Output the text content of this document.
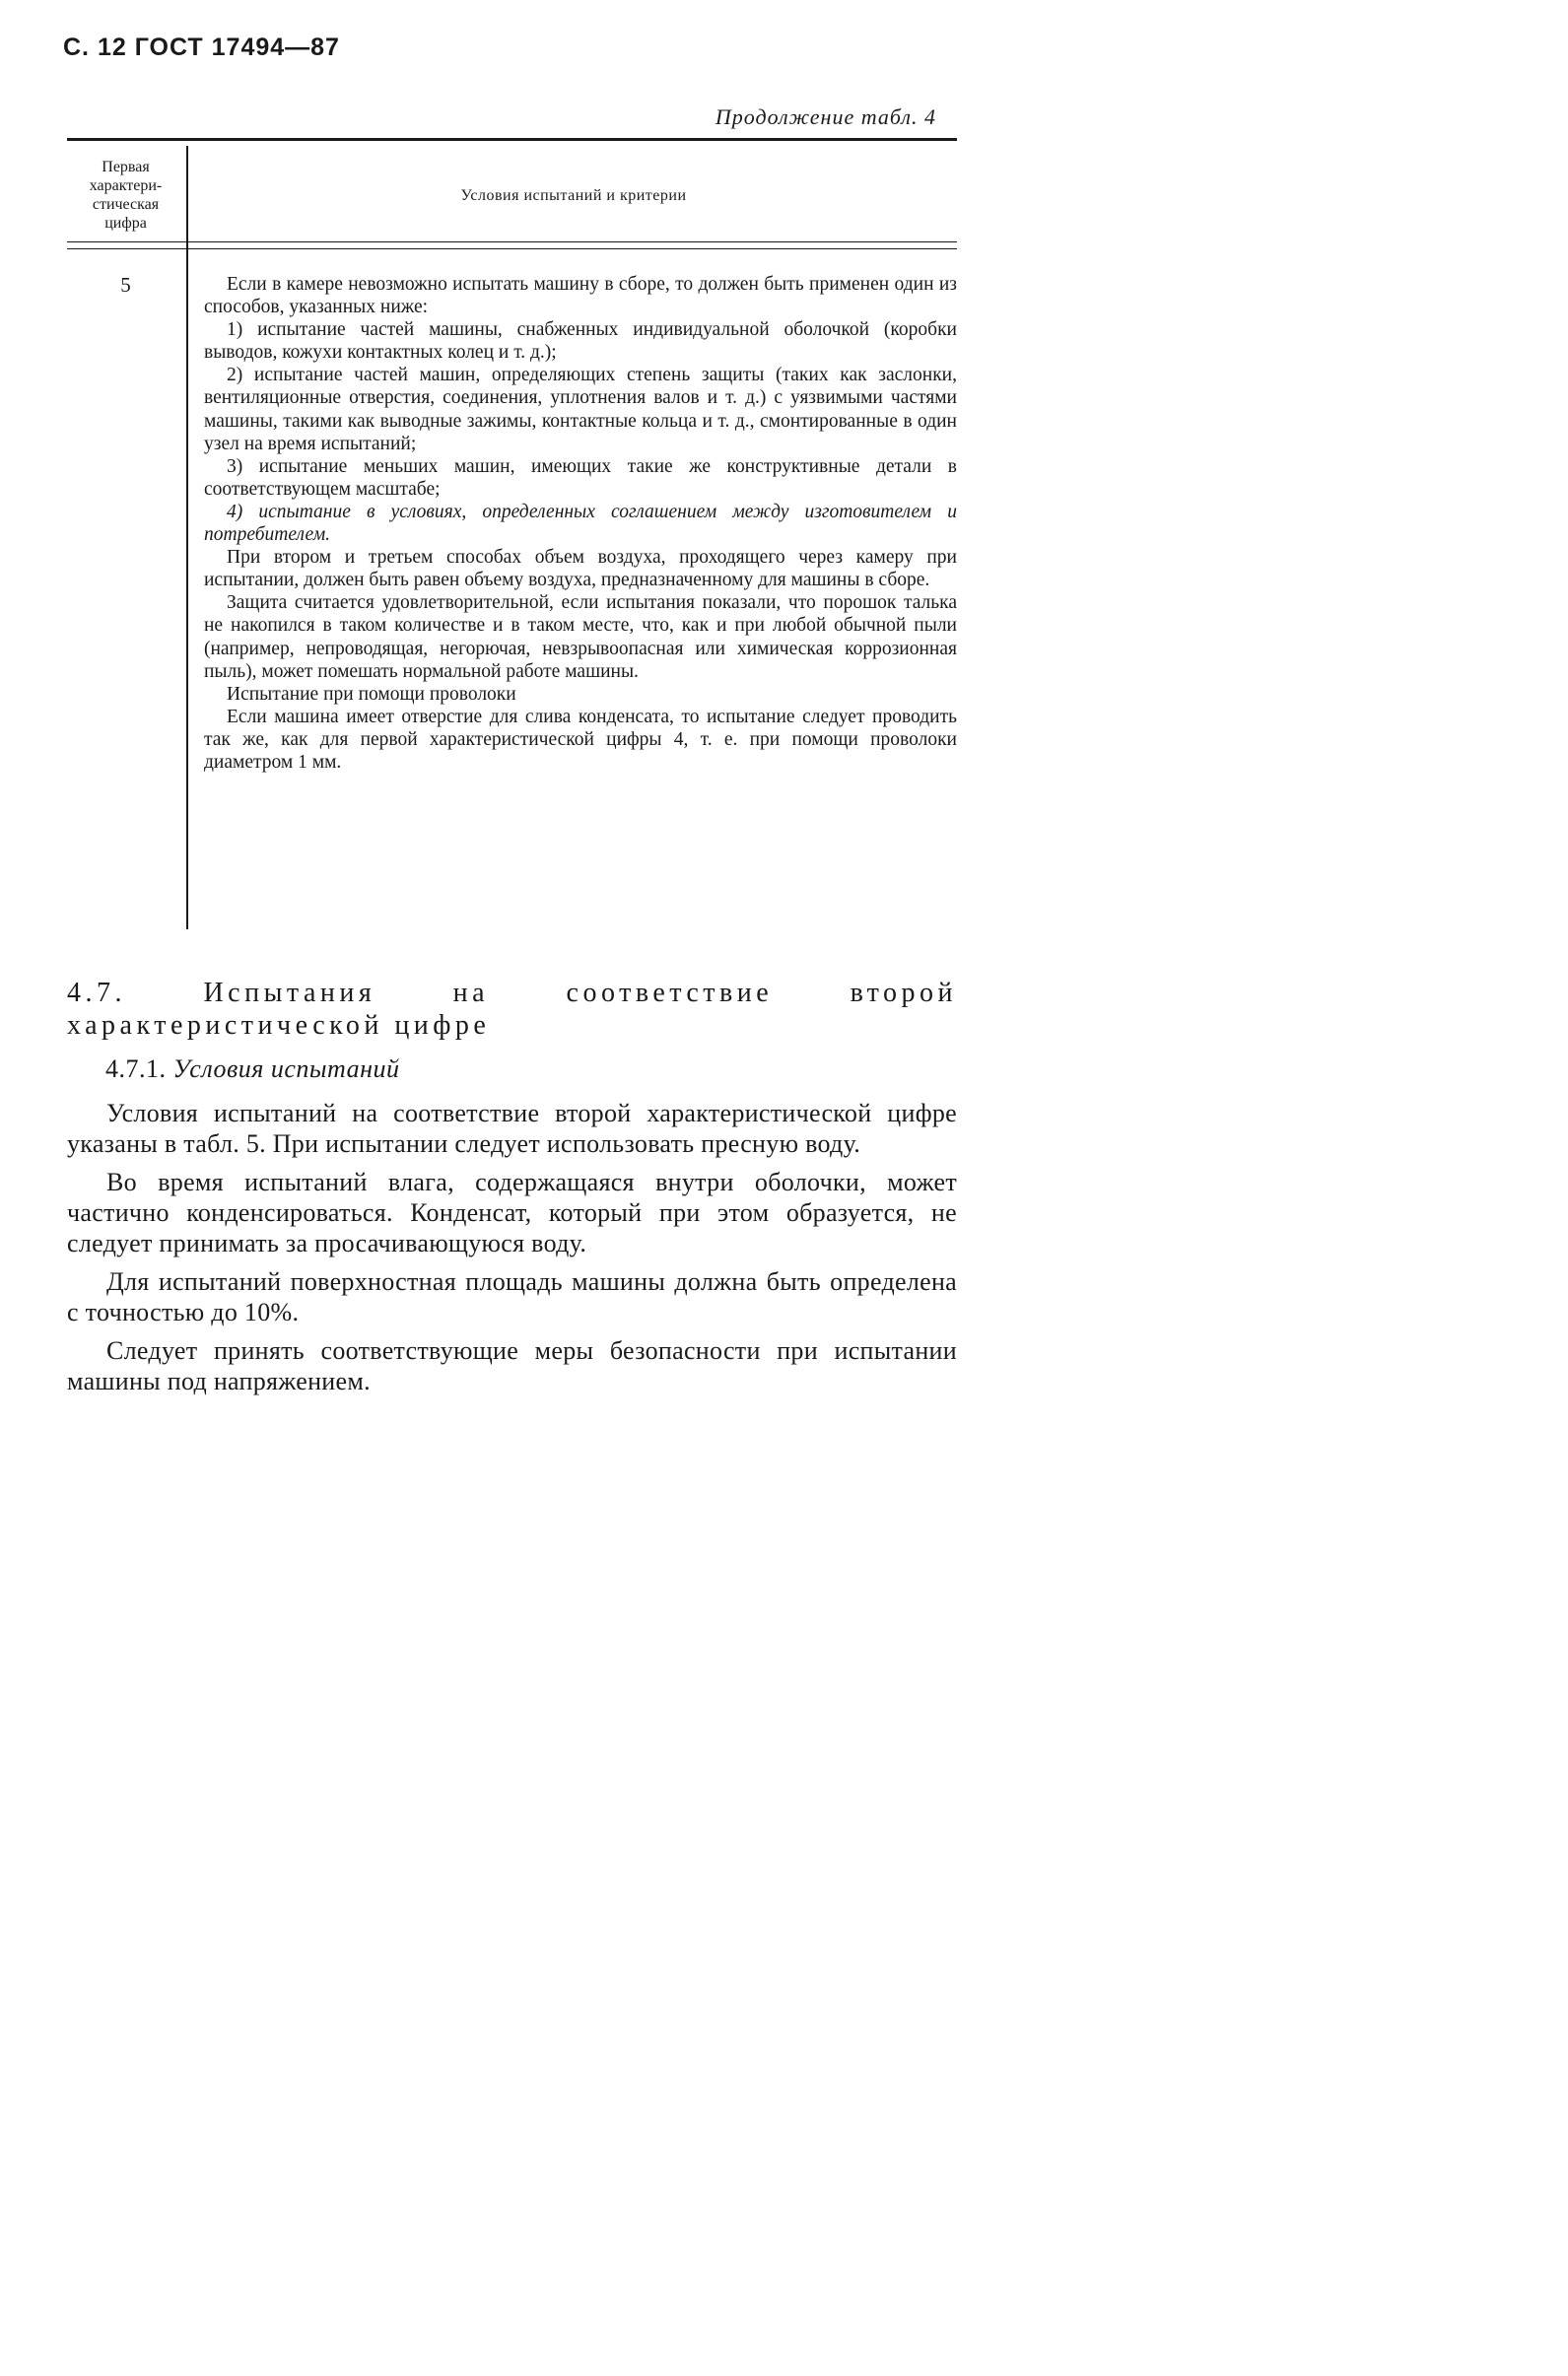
С. 12 ГОСТ 17494—87
Продолжение табл. 4
Первая
характери-
стическая
цифра
Условия испытаний и критерии
5	Если в камере невозможно испытать машину в сборе, то должен быть применен один из способов, указанных ниже:

1) испытание частей машины, снабженных индивидуальной оболочкой (коробки выводов, кожухи контактных колец и т. д.);

2) испытание частей машин, определяющих степень защиты (таких как заслонки, вентиляционные отверстия, соединения, уплотнения валов и т. д.) с уязвимыми частями машины, такими как выводные зажимы, контактные кольца и т. д., смонтированные в один узел на время испытаний;

3) испытание меньших машин, имеющих такие же конструктивные детали в соответствующем масштабе;

4) испытание в условиях, определенных соглашением между изготовителем и потребителем.

При втором и третьем способах объем воздуха, проходящего через камеру при испытании, должен быть равен объему воздуха, предназначенному для машины в сборе.

Защита считается удовлетворительной, если испытания показали, что порошок талька не накопился в таком количестве и в таком месте, что, как и при любой обычной пыли (например, непроводящая, негорючая, невзрывоопасная или химическая коррозионная пыль), может помешать нормальной работе машины.

Испытание при помощи проволоки

Если машина имеет отверстие для слива конденсата, то испытание следует проводить так же, как для первой характеристической цифры 4, т. е. при помощи проволоки диаметром 1 мм.

4.7. Испытания на соответствие второй характеристической цифре
4.7.1. Условия испытаний

Условия испытаний на соответствие второй характеристической цифре указаны в табл. 5. При испытании следует использовать пресную воду.

Во время испытаний влага, содержащаяся внутри оболочки, может частично конденсироваться. Конденсат, который при этом образуется, не следует принимать за просачивающуюся воду.

Для испытаний поверхностная площадь машины должна быть определена с точностью до 10%.

Следует принять соответствующие меры безопасности при испытании машины под напряжением.
